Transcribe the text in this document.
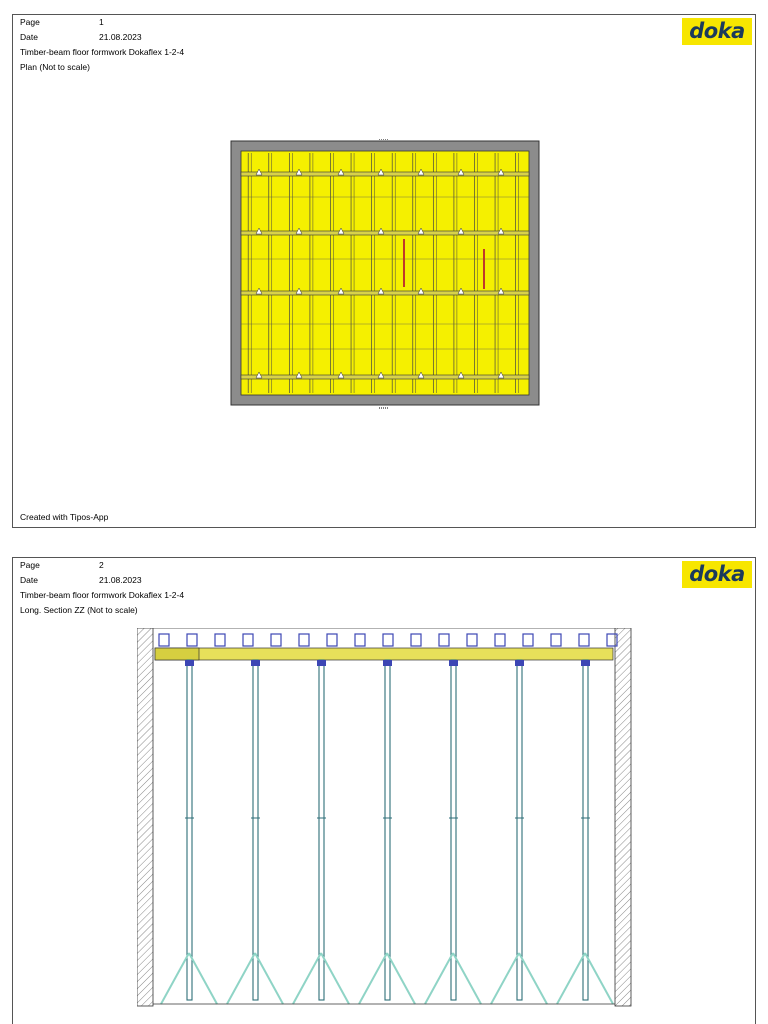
Page	1
Date	21.08.2023
Timber-beam floor formwork Dokaflex 1-2-4
Plan (Not to scale)
doka
Created with Tipos-App
Page	2
Date	21.08.2023
Timber-beam floor formwork Dokaflex 1-2-4
Long. Section ZZ (Not to scale)
doka
